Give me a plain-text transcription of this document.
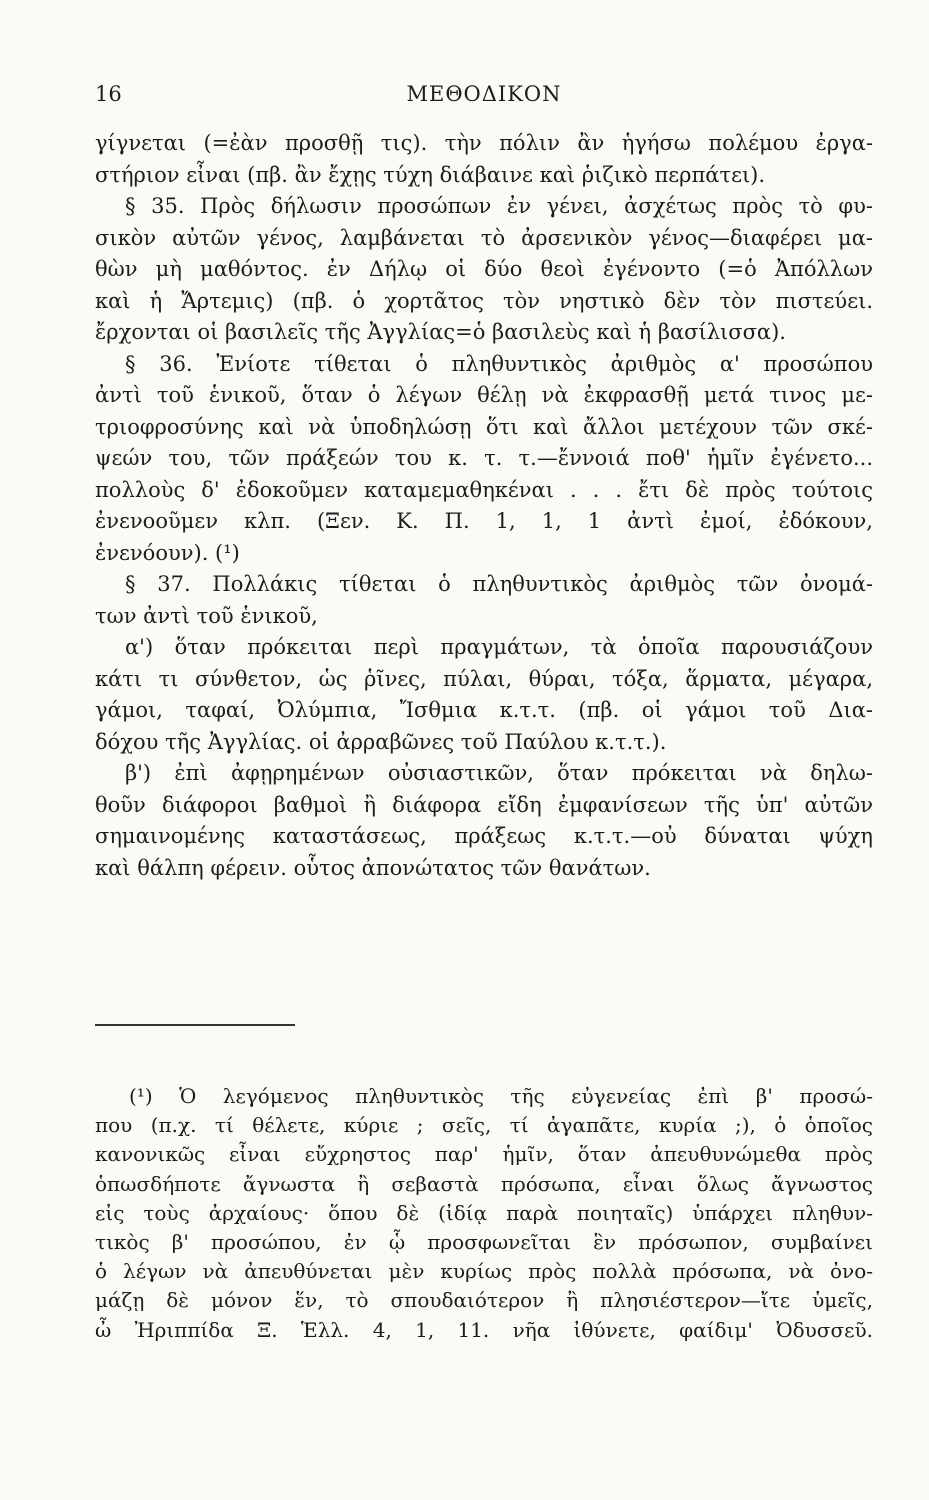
16	ΜΕΘΟΔΙΚΟΝ
γίγνεται (=ἐὰν προσθῇ τις). τὴν πόλιν ἂν ἡγήσω πολέμου ἐργα-
στήριον εἶναι (πβ. ἂν ἔχῃς τύχη διάβαινε καὶ ῥιζικὸ περπάτει).
§ 35. Πρὸς δήλωσιν προσώπων ἐν γένει, ἀσχέτως πρὸς τὸ φυ-
σικὸν αὐτῶν γένος, λαμβάνεται τὸ ἀρσενικὸν γένος—διαφέρει μα-
θὼν μὴ μαθόντος. ἐν Δήλῳ οἱ δύο θεοὶ ἐγένοντο (=ὁ Ἀπόλλων
καὶ ἡ Ἄρτεμις) (πβ. ὁ χορτᾶτος τὸν νηστικὸ δὲν τὸν πιστεύει.
ἔρχονται οἱ βασιλεῖς τῆς Ἀγγλίας=ὁ βασιλεὺς καὶ ἡ βασίλισσα).
§ 36. Ἐνίοτε τίθεται ὁ πληθυντικὸς ἀριθμὸς α' προσώπου
ἀντὶ τοῦ ἑνικοῦ, ὅταν ὁ λέγων θέλῃ νὰ ἐκφρασθῇ μετά τινος με-
τριοφροσύνης καὶ νὰ ὑποδηλώσῃ ὅτι καὶ ἄλλοι μετέχουν τῶν σκέ-
ψεών του, τῶν πράξεών του κ. τ. τ.—ἔννοιά ποθ' ἡμῖν ἐγένετο...
πολλοὺς δ' ἐδοκοῦμεν καταμεμαθηκέναι . . . ἔτι δὲ πρὸς τούτοις
ἐνενοοῦμεν κλπ. (Ξεν. Κ. Π. 1, 1, 1 ἀντὶ ἐμοί, ἐδόκουν,
ἐνενόουν). (¹)
§ 37. Πολλάκις τίθεται ὁ πληθυντικὸς ἀριθμὸς τῶν ὀνομά-
των ἀντὶ τοῦ ἑνικοῦ,
α') ὅταν πρόκειται περὶ πραγμάτων, τὰ ὁποῖα παρουσιάζουν
κάτι τι σύνθετον, ὡς ῥῖνες, πύλαι, θύραι, τόξα, ἅρματα, μέγαρα,
γάμοι, ταφαί, Ὀλύμπια, Ἴσθμια κ.τ.τ. (πβ. οἱ γάμοι τοῦ Δια-
δόχου τῆς Ἀγγλίας. οἱ ἀρραβῶνες τοῦ Παύλου κ.τ.τ.).
β') ἐπὶ ἀφῃρημένων οὐσιαστικῶν, ὅταν πρόκειται νὰ δηλω-
θοῦν διάφοροι βαθμοὶ ἢ διάφορα εἴδη ἐμφανίσεων τῆς ὑπ' αὐτῶν
σημαινομένης καταστάσεως, πράξεως κ.τ.τ.—οὐ δύναται ψύχη
καὶ θάλπη φέρειν. οὗτος ἀπονώτατος τῶν θανάτων.
(¹) Ὁ λεγόμενος πληθυντικὸς τῆς εὐγενείας ἐπὶ β' προσώ-
που (π.χ. τί θέλετε, κύριε ; σεῖς, τί ἀγαπᾶτε, κυρία ;), ὁ ὁποῖος
κανονικῶς εἶναι εὔχρηστος παρ' ἡμῖν, ὅταν ἀπευθυνώμεθα πρὸς
ὁπωσδήποτε ἄγνωστα ἢ σεβαστὰ πρόσωπα, εἶναι ὅλως ἄγνωστος
εἰς τοὺς ἀρχαίους· ὅπου δὲ (ἰδίᾳ παρὰ ποιηταῖς) ὑπάρχει πληθυν-
τικὸς β' προσώπου, ἐν ᾧ προσφωνεῖται ἓν πρόσωπον, συμβαίνει
ὁ λέγων νὰ ἀπευθύνεται μὲν κυρίως πρὸς πολλὰ πρόσωπα, νὰ ὀνο-
μάζῃ δὲ μόνον ἕν, τὸ σπουδαιότερον ἢ πλησιέστερον—ἴτε ὑμεῖς,
ὦ Ἠριππίδα Ξ. Ἑλλ. 4, 1, 11. νῆα ἰθύνετε, φαίδιμ' Ὀδυσσεῦ.
